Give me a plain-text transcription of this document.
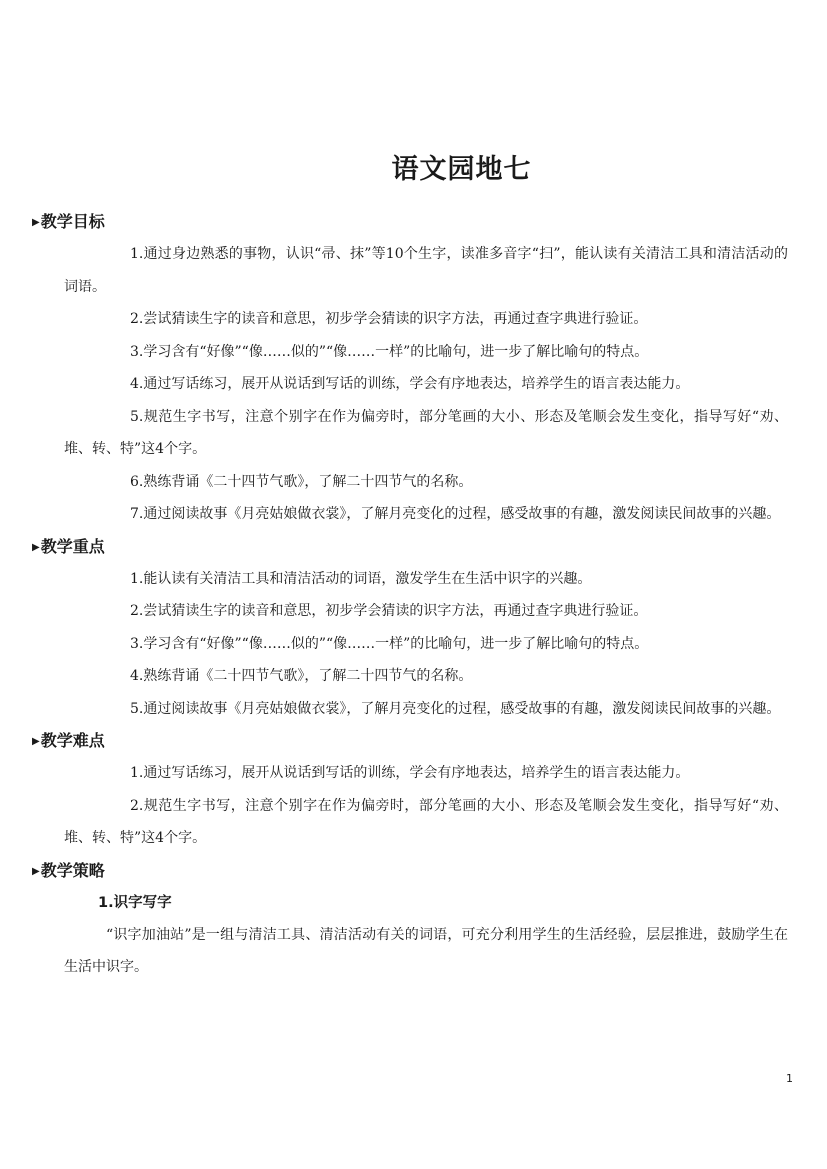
语文园地七
▶教学目标

1.通过身边熟悉的事物，认识“帚、抹”等10个生字，读准多音字“扫”，能认读有关清洁工具和清洁活动的词语。

2.尝试猜读生字的读音和意思，初步学会猜读的识字方法，再通过查字典进行验证。

3.学习含有“好像”“像……似的”“像……一样”的比喻句，进一步了解比喻句的特点。

4.通过写话练习，展开从说话到写话的训练，学会有序地表达，培养学生的语言表达能力。

5.规范生字书写，注意个别字在作为偏旁时，部分笔画的大小、形态及笔顺会发生变化，指导写好“劝、堆、转、特”这4个字。

6.熟练背诵《二十四节气歌》，了解二十四节气的名称。

7.通过阅读故事《月亮姑娘做衣裳》，了解月亮变化的过程，感受故事的有趣，激发阅读民间故事的兴趣。

▶教学重点

1.能认读有关清洁工具和清洁活动的词语，激发学生在生活中识字的兴趣。

2.尝试猜读生字的读音和意思，初步学会猜读的识字方法，再通过查字典进行验证。

3.学习含有“好像”“像……似的”“像……一样”的比喻句，进一步了解比喻句的特点。

4.熟练背诵《二十四节气歌》，了解二十四节气的名称。

5.通过阅读故事《月亮姑娘做衣裳》，了解月亮变化的过程，感受故事的有趣，激发阅读民间故事的兴趣。

▶教学难点

1.通过写话练习，展开从说话到写话的训练，学会有序地表达，培养学生的语言表达能力。

2.规范生字书写，注意个别字在作为偏旁时，部分笔画的大小、形态及笔顺会发生变化，指导写好“劝、堆、转、特”这4个字。

▶教学策略

1.识字写字

“识字加油站”是一组与清洁工具、清洁活动有关的词语，可充分利用学生的生活经验，层层推进，鼓励学生在生活中识字。

1
